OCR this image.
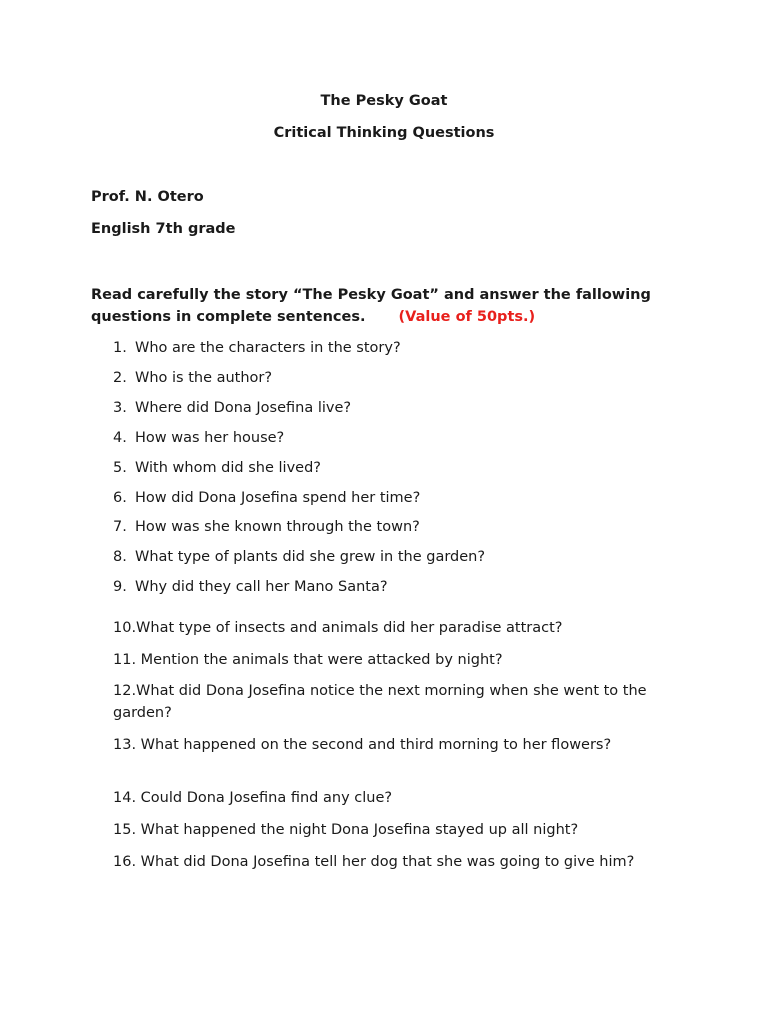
The Pesky Goat
Critical Thinking Questions
Prof. N. Otero
English 7th grade
Read carefully the story “The Pesky Goat” and answer the fallowing questions in complete sentences. (Value of 50pts.)
1. Who are the characters in the story?
2. Who is the author?
3. Where did Dona Josefina live?
4. How was her house?
5. With whom did she lived?
6. How did Dona Josefina spend her time?
7. How was she known through the town?
8. What type of plants did she grew in the garden?
9. Why did they call her Mano Santa?
10.What type of insects and animals did her paradise attract?
11. Mention the animals that were attacked by night?
12.What did Dona Josefina notice the next morning when she went to the garden?
13. What happened on the second and third morning to her flowers?
14. Could Dona Josefina find any clue?
15. What happened the night Dona Josefina stayed up all night?
16. What did Dona Josefina tell her dog that she was going to give him?
